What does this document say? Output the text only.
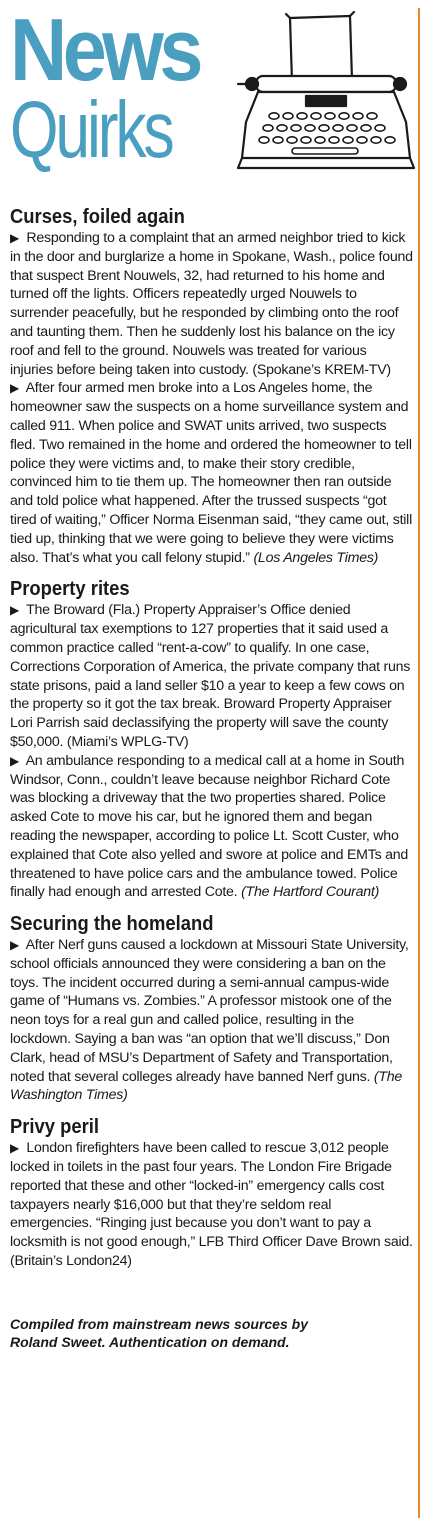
News
Quirks
Curses, foiled again

▶ Responding to a complaint that an armed neighbor tried to kick in the door and burglarize a home in Spokane, Wash., police found that suspect Brent Nouwels, 32, had returned to his home and turned off the lights. Officers repeatedly urged Nouwels to surrender peacefully, but he responded by climbing onto the roof and taunting them. Then he suddenly lost his balance on the icy roof and fell to the ground. Nouwels was treated for various injuries before being taken into custody. (Spokane’s KREM-TV)

▶ After four armed men broke into a Los Angeles home, the homeowner saw the suspects on a home surveillance system and called 911. When police and SWAT units arrived, two suspects fled. Two remained in the home and ordered the homeowner to tell police they were victims and, to make their story credible, convinced him to tie them up. The homeowner then ran outside and told police what happened. After the trussed suspects “got tired of waiting,” Officer Norma Eisenman said, “they came out, still tied up, thinking that we were going to believe they were victims also. That’s what you call felony stupid.” (Los Angeles Times)

Property rites

▶ The Broward (Fla.) Property Appraiser’s Office denied agricultural tax exemptions to 127 properties that it said used a common practice called “rent-a-cow” to qualify. In one case, Corrections Corporation of America, the private company that runs state prisons, paid a land seller $10 a year to keep a few cows on the property so it got the tax break. Broward Property Appraiser Lori Parrish said declassifying the property will save the county $50,000. (Miami’s WPLG-TV)

▶ An ambulance responding to a medical call at a home in South Windsor, Conn., couldn’t leave because neighbor Richard Cote was blocking a driveway that the two properties shared. Police asked Cote to move his car, but he ignored them and began reading the newspaper, according to police Lt. Scott Custer, who explained that Cote also yelled and swore at police and EMTs and threatened to have police cars and the ambulance towed. Police finally had enough and arrested Cote. (The Hartford Courant)

Securing the homeland

▶ After Nerf guns caused a lockdown at Missouri State University, school officials announced they were considering a ban on the toys. The incident occurred during a semi-annual campus-wide game of “Humans vs. Zombies.” A professor mistook one of the neon toys for a real gun and called police, resulting in the lockdown. Saying a ban was “an option that we’ll discuss,” Don Clark, head of MSU’s Department of Safety and Transportation, noted that several colleges already have banned Nerf guns. (The Washington Times)

Privy peril

▶ London firefighters have been called to rescue 3,012 people locked in toilets in the past four years. The London Fire Brigade reported that these and other “locked-in” emergency calls cost taxpayers nearly $16,000 but that they’re seldom real emergencies. “Ringing just because you don’t want to pay a locksmith is not good enough,” LFB Third Officer Dave Brown said. (Britain’s London24)

Compiled from mainstream news sources by

Roland Sweet. Authentication on demand.
